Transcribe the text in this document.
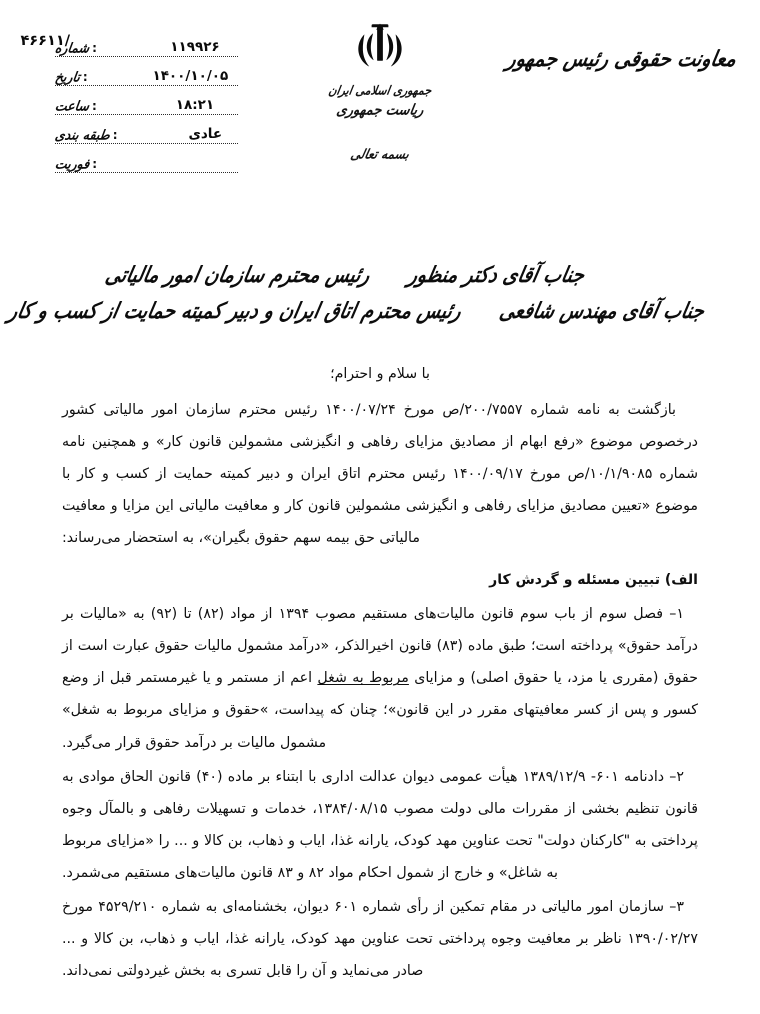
۴۶۶۱۱/
شماره :	۱۱۹۹۲۶
تاریخ :	۱۴۰۰/۱۰/۰۵
ساعت :	۱۸:۲۱
طبقه بندی :	عادی
فوریت :
جمهوری اسلامی ایران
ریاست جمهوری
بسمه تعالی
معاونت حقوقی رئیس جمهور
جناب آقای دکتر منظور  رئیس محترم سازمان امور مالیاتی
جناب آقای مهندس شافعی  رئیس محترم اتاق ایران و دبیر کمیته حمایت از کسب و کار

با سلام و احترام؛

بازگشت به نامه شماره ۲۰۰/۷۵۵۷/ص مورخ ۱۴۰۰/۰۷/۲۴ رئیس محترم سازمان امور مالیاتی کشور درخصوص موضوع «رفع ابهام از مصادیق مزایای رفاهی و انگیزشی مشمولین قانون کار» و همچنین نامه شماره ۱۰/۱/۹۰۸۵/ص مورخ ۱۴۰۰/۰۹/۱۷ رئیس محترم اتاق ایران و دبیر کمیته حمایت از کسب و کار با موضوع «تعیین مصادیق مزایای رفاهی و انگیزشی مشمولین قانون کار و معافیت مالیاتی این مزایا و معافیت مالیاتی حق بیمه سهم حقوق بگیران»، به استحضار می‌رساند:

الف) تبیین مسئله و گردش کار

۱– فصل سوم از باب سوم قانون مالیات‌های مستقیم مصوب ۱۳۹۴ از مواد (۸۲) تا (۹۲) به «مالیات بر درآمد حقوق» پرداخته است؛ طبق ماده (۸۳) قانون اخیرالذکر، «درآمد مشمول مالیات حقوق عبارت است از حقوق (مقرری یا مزد، یا حقوق اصلی) و مزایای مربوط به شغل اعم از مستمر و یا غیرمستمر قبل از وضع کسور و پس از کسر معافیتهای مقرر در این قانون»؛ چنان که پیداست، »حقوق و مزایای مربوط به شغل» مشمول مالیات بر درآمد حقوق قرار می‌گیرد.

۲– دادنامه ۶۰۱- ۱۳۸۹/۱۲/۹ هیأت عمومی دیوان عدالت اداری با ابتناء بر ماده (۴۰) قانون الحاق موادی به قانون تنظیم بخشی از مقررات مالی دولت مصوب ۱۳۸۴/۰۸/۱۵، خدمات و تسهیلات رفاهی و بالمآل وجوه پرداختی به "کارکنان دولت" تحت عناوین مهد کودک، یارانه غذا، ایاب و ذهاب، بن کالا و ... را «مزایای مربوط به شاغل» و خارج از شمول احکام مواد ۸۲ و ۸۳ قانون مالیات‌های مستقیم می‌شمرد.

۳– سازمان امور مالیاتی در مقام تمکین از رأی شماره ۶۰۱ دیوان، بخشنامه‌ای به شماره ۴۵۲۹/۲۱۰ مورخ ۱۳۹۰/۰۲/۲۷ ناظر بر معافیت وجوه پرداختی تحت عناوین مهد کودک، یارانه غذا، ایاب و ذهاب، بن کالا و ... صادر می‌نماید و آن را قابل تسری به بخش غیردولتی نمی‌داند.
